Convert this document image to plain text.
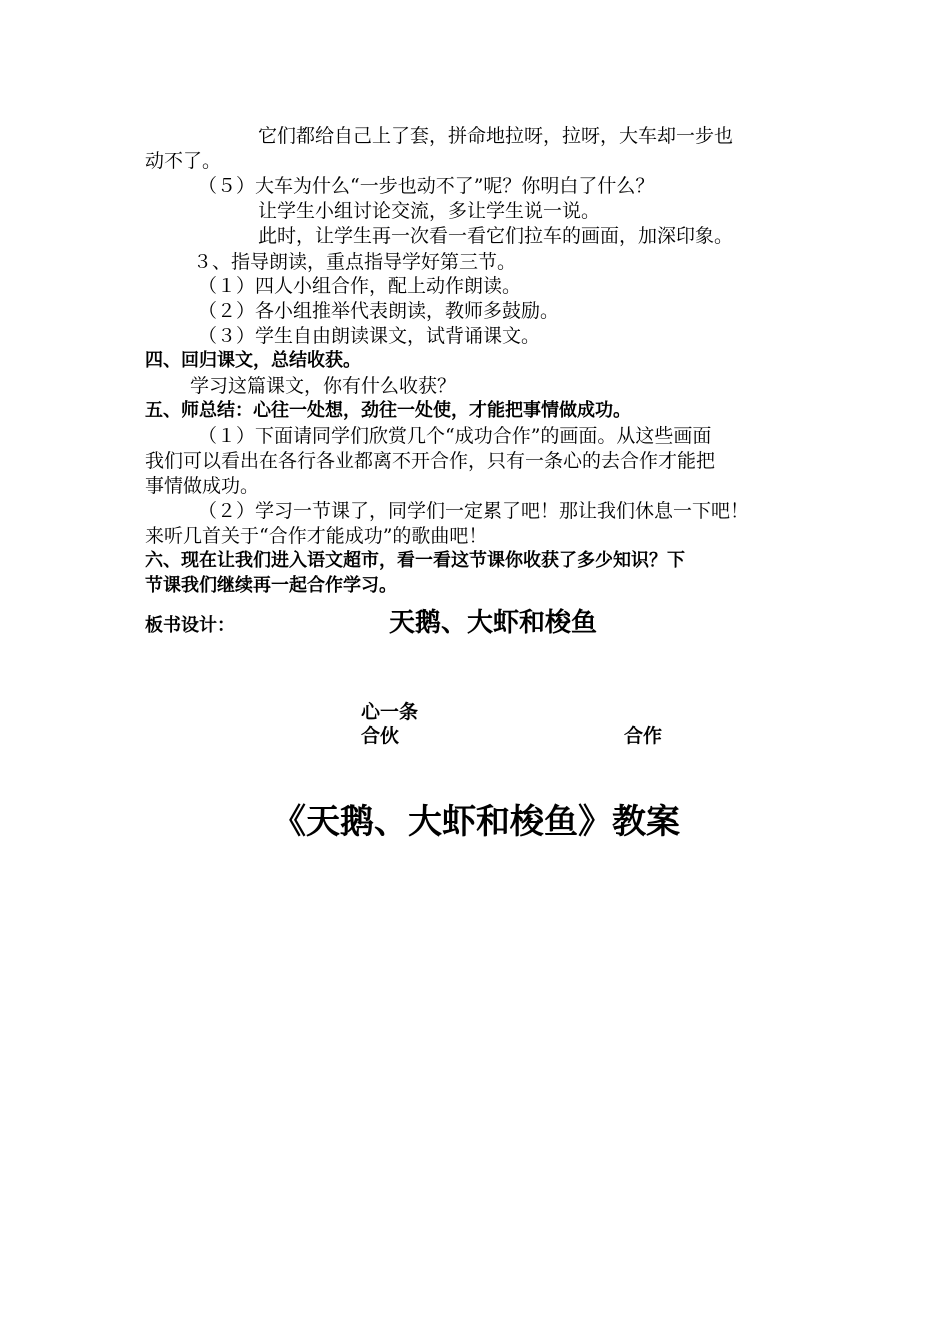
它们都给自己上了套，拼命地拉呀，拉呀，大车却一步也
动不了。
（５）大车为什么“一步也动不了”呢？你明白了什么？
让学生小组讨论交流，多让学生说一说。
此时，让学生再一次看一看它们拉车的画面，加深印象。
３、指导朗读，重点指导学好第三节。
（１）四人小组合作，配上动作朗读。
（２）各小组推举代表朗读，教师多鼓励。
（３）学生自由朗读课文，试背诵课文。
四、回归课文，总结收获。
学习这篇课文，你有什么收获？
五、师总结：心往一处想，劲往一处使，才能把事情做成功。
（１）下面请同学们欣赏几个“成功合作”的画面。从这些画面
我们可以看出在各行各业都离不开合作，只有一条心的去合作才能把
事情做成功。
（２）学习一节课了，同学们一定累了吧！那让我们休息一下吧！
来听几首关于“合作才能成功”的歌曲吧！
六、现在让我们进入语文超市，看一看这节课你收获了多少知识？下
节课我们继续再一起合作学习。
板书设计：	天鹅、大虾和梭鱼
心一条
合伙	合作
《天鹅、大虾和梭鱼》教案
